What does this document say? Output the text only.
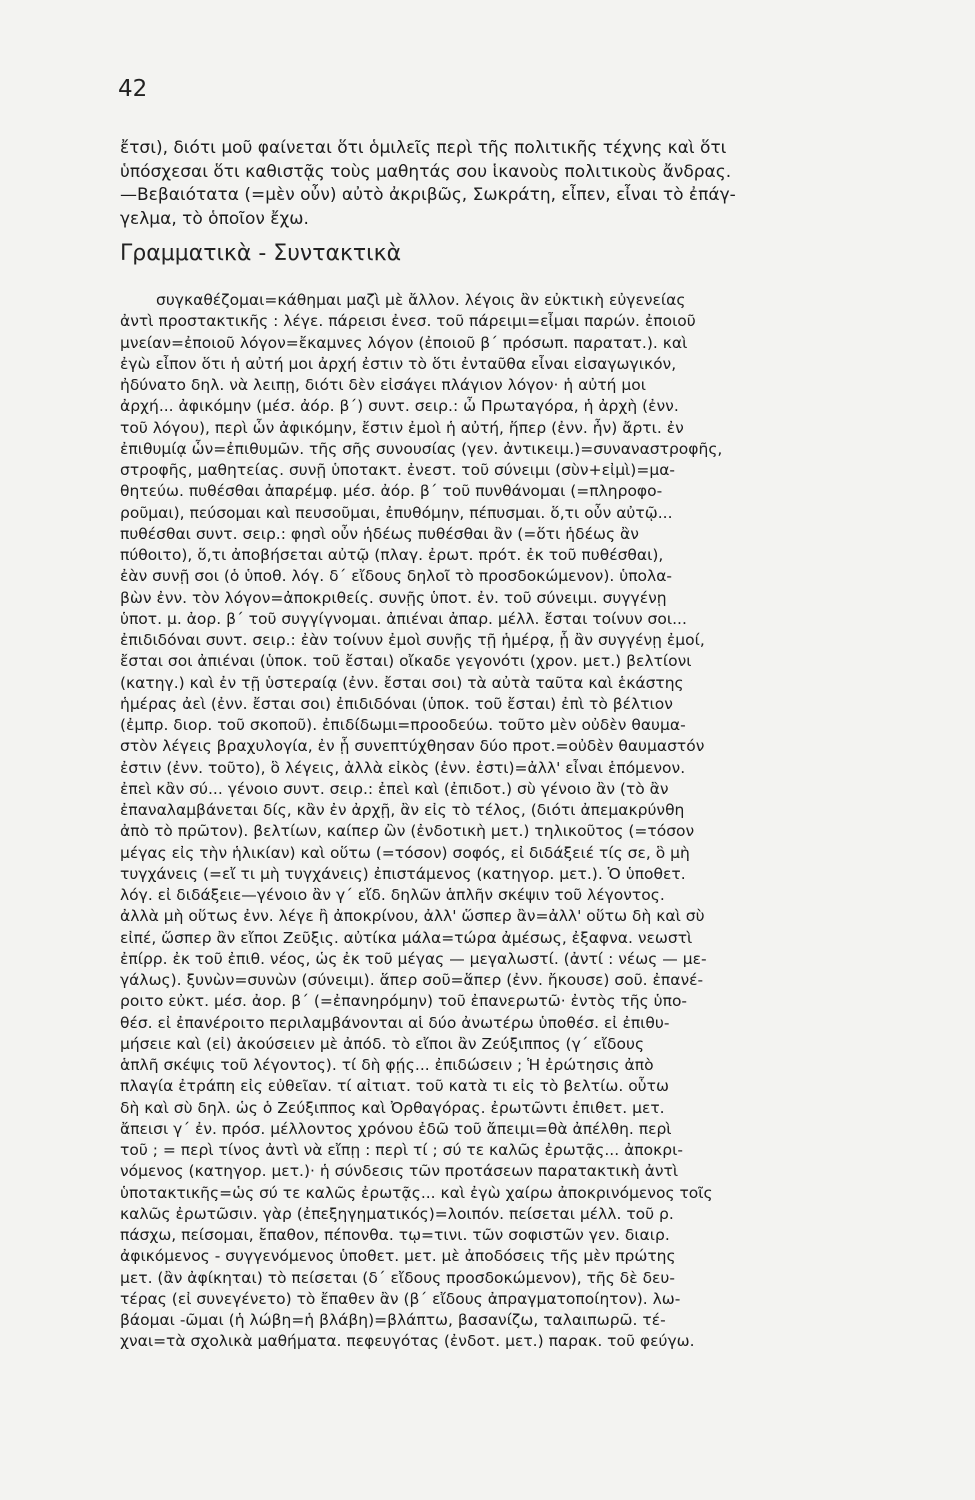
42
ἔτσι), διότι μοῦ φαίνεται ὅτι ὁμιλεῖς περὶ τῆς πολιτικῆς τέχνης καὶ ὅτι
ὑπόσχεσαι ὅτι καθιστᾷς τοὺς μαθητάς σου ἱκανοὺς πολιτικοὺς ἄνδρας.
—Βεβαιότατα (=μὲν οὖν) αὐτὸ ἀκριβῶς, Σωκράτη, εἶπεν, εἶναι τὸ ἐπάγ-
γελμα, τὸ ὁποῖον ἔχω.
Γραμματικὰ - Συντακτικὰ
συγκαθέζομαι=κάθημαι μαζὶ μὲ ἄλλον. λέγοις ἂν εὐκτικὴ εὐγενείας
ἀντὶ προστακτικῆς : λέγε. πάρεισι ἐνεσ. τοῦ πάρειμι=εἶμαι παρών. ἐποιοῦ
μνείαν=ἐποιοῦ λόγον=ἔκαμνες λόγον (ἐποιοῦ β΄ πρόσωπ. παρατατ.). καὶ
ἐγὼ εἶπον ὅτι ἡ αὐτή μοι ἀρχή ἐστιν τὸ ὅτι ἐνταῦθα εἶναι εἰσαγωγικόν,
ἠδύνατο δηλ. νὰ λειπῃ, διότι δὲν εἰσάγει πλάγιον λόγον· ἡ αὐτή μοι
ἀρχή... ἀφικόμην (μέσ. ἀόρ. β΄) συντ. σειρ.: ὦ Πρωταγόρα, ἡ ἀρχὴ (ἐνν.
τοῦ λόγου), περὶ ὧν ἀφικόμην, ἔστιν ἐμοὶ ἡ αὐτή, ἥπερ (ἐνν. ἦν) ἄρτι. ἐν
ἐπιθυμίᾳ ὧν=ἐπιθυμῶν. τῆς σῆς συνουσίας (γεν. ἀντικειμ.)=συναναστροφῆς,
στροφῆς, μαθητείας. συνῇ ὑποτακτ. ἐνεστ. τοῦ σύνειμι (σὺν+εἰμὶ)=μα-
θητεύω. πυθέσθαι ἀπαρέμφ. μέσ. ἀόρ. β΄ τοῦ πυνθάνομαι (=πληροφο-
ροῦμαι), πεύσομαι καὶ πευσοῦμαι, ἐπυθόμην, πέπυσμαι. ὅ,τι οὖν αὐτῷ...
πυθέσθαι συντ. σειρ.: φησὶ οὖν ἡδέως πυθέσθαι ἂν (=ὅτι ἡδέως ἂν
πύθοιτο), ὅ,τι ἀποβήσεται αὐτῷ (πλαγ. ἐρωτ. πρότ. ἐκ τοῦ πυθέσθαι),
ἐὰν συνῇ σοι (ὁ ὑποθ. λόγ. δ΄ εἴδους δηλοῖ τὸ προσδοκώμενον). ὑπολα-
βὼν ἐνν. τὸν λόγον=ἀποκριθείς. συνῇς ὑποτ. ἐν. τοῦ σύνειμι. συγγένῃ
ὑποτ. μ. ἀορ. β΄ τοῦ συγγίγνομαι. ἀπιέναι ἀπαρ. μέλλ. ἔσται τοίνυν σοι...
ἐπιδιδόναι συντ. σειρ.: ἐὰν τοίνυν ἐμοὶ συνῇς τῇ ἡμέρᾳ, ᾗ ἂν συγγένῃ ἐμοί,
ἔσται σοι ἀπιέναι (ὑποκ. τοῦ ἔσται) οἴκαδε γεγονότι (χρον. μετ.) βελτίονι
(κατηγ.) καὶ ἐν τῇ ὑστεραίᾳ (ἐνν. ἔσται σοι) τὰ αὐτὰ ταῦτα καὶ ἑκάστης
ἡμέρας ἀεὶ (ἐνν. ἔσται σοι) ἐπιδιδόναι (ὑποκ. τοῦ ἔσται) ἐπὶ τὸ βέλτιον
(ἐμπρ. διορ. τοῦ σκοποῦ). ἐπιδίδωμι=προοδεύω. τοῦτο μὲν οὐδὲν θαυμα-
στὸν λέγεις βραχυλογία, ἐν ᾗ συνεπτύχθησαν δύο προτ.=οὐδὲν θαυμαστόν
ἐστιν (ἐνν. τοῦτο), ὃ λέγεις, ἀλλὰ εἰκὸς (ἐνν. ἐστι)=ἀλλ' εἶναι ἑπόμενον.
ἐπεὶ κἂν σύ... γένοιο συντ. σειρ.: ἐπεὶ καὶ (ἐπιδοτ.) σὺ γένοιο ἂν (τὸ ἂν
ἐπαναλαμβάνεται δίς, κἂν ἐν ἀρχῇ, ἂν εἰς τὸ τέλος, (διότι ἀπεμακρύνθη
ἀπὸ τὸ πρῶτον). βελτίων, καίπερ ὢν (ἐνδοτικὴ μετ.) τηλικοῦτος (=τόσον
μέγας εἰς τὴν ἡλικίαν) καὶ οὕτω (=τόσον) σοφός, εἰ διδάξειέ τίς σε, ὃ μὴ
τυγχάνεις (=εἴ τι μὴ τυγχάνεις) ἐπιστάμενος (κατηγορ. μετ.). Ὁ ὑποθετ.
λόγ. εἰ διδάξειε—γένοιο ἂν γ΄ εἴδ. δηλῶν ἁπλῆν σκέψιν τοῦ λέγοντος.
ἀλλὰ μὴ οὕτως ἐνν. λέγε ἢ ἀποκρίνου, ἀλλ' ὥσπερ ἂν=ἀλλ' οὕτω δὴ καὶ σὺ
εἰπέ, ὥσπερ ἂν εἴποι Ζεῦξις. αὐτίκα μάλα=τώρα ἀμέσως, ἐξαφνα. νεωστὶ
ἐπίρρ. ἐκ τοῦ ἐπιθ. νέος, ὡς ἐκ τοῦ μέγας — μεγαλωστί. (ἀντί : νέως — με-
γάλως). ξυνὼν=συνὼν (σύνειμι). ἅπερ σοῦ=ἅπερ (ἐνν. ἤκουσε) σοῦ. ἐπανέ-
ροιτο εὐκτ. μέσ. ἀορ. β΄ (=ἐπανηρόμην) τοῦ ἐπανερωτῶ· ἐντὸς τῆς ὑπο-
θέσ. εἰ ἐπανέροιτο περιλαμβάνονται αἱ δύο ἀνωτέρω ὑποθέσ. εἰ ἐπιθυ-
μήσειε καὶ (εἰ) ἀκούσειεν μὲ ἀπόδ. τὸ εἴποι ἂν Ζεύξιππος (γ΄ εἴδους
ἁπλῆ σκέψις τοῦ λέγοντος). τί δὴ φῄς... ἐπιδώσειν ; Ἡ ἐρώτησις ἀπὸ
πλαγία ἐτράπη εἰς εὐθεῖαν. τί αἰτιατ. τοῦ κατὰ τι εἰς τὸ βελτίω. οὗτω
δὴ καὶ σὺ δηλ. ὡς ὁ Ζεύξιππος καὶ Ὀρθαγόρας. ἐρωτῶντι ἐπιθετ. μετ.
ἄπεισι γ΄ ἐν. πρόσ. μέλλοντος χρόνου ἐδῶ τοῦ ἄπειμι=θὰ ἀπέλθη. περὶ
τοῦ ; = περὶ τίνος ἀντὶ νὰ εἴπῃ : περὶ τί ; σύ τε καλῶς ἐρωτᾷς... ἀποκρι-
νόμενος (κατηγορ. μετ.)· ἡ σύνδεσις τῶν προτάσεων παρατακτικὴ ἀντὶ
ὑποτακτικῆς=ὡς σύ τε καλῶς ἐρωτᾷς... καὶ ἐγὼ χαίρω ἀποκρινόμενος τοῖς
καλῶς ἐρωτῶσιν. γὰρ (ἐπεξηγηματικός)=λοιπόν. πείσεται μέλλ. τοῦ ρ.
πάσχω, πείσομαι, ἔπαθον, πέπονθα. τῳ=τινι. τῶν σοφιστῶν γεν. διαιρ.
ἀφικόμενος - συγγενόμενος ὑποθετ. μετ. μὲ ἀποδόσεις τῆς μὲν πρώτης
μετ. (ἂν ἀφίκηται) τὸ πείσεται (δ΄ εἴδους προσδοκώμενον), τῆς δὲ δευ-
τέρας (εἰ συνεγένετο) τὸ ἔπαθεν ἂν (β΄ εἴδους ἀπραγματοποίητον). λω-
βάομαι -ῶμαι (ἡ λώβη=ἡ βλάβη)=βλάπτω, βασανίζω, ταλαιπωρῶ. τέ-
χναι=τὰ σχολικὰ μαθήματα. πεφευγότας (ἐνδοτ. μετ.) παρακ. τοῦ φεύγω.
